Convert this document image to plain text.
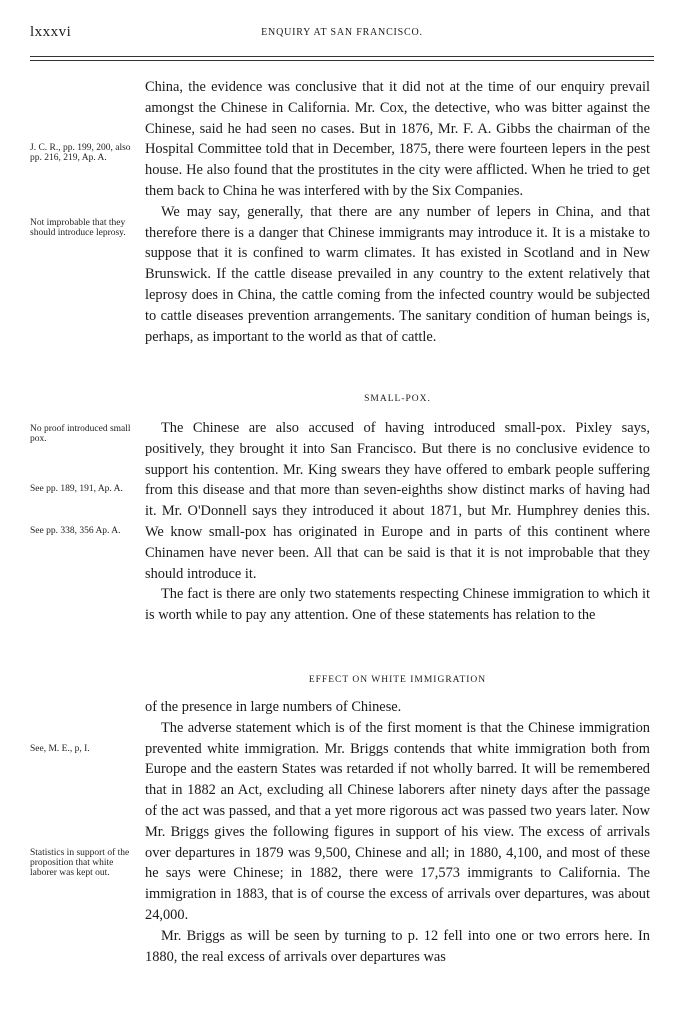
lxxxvi	ENQUIRY AT SAN FRANCISCO.
J. C. R., pp. 199, 200, also pp. 216, 219, Ap. A.
Not improbable that they should introduce leprosy.
No proof introduced small pox.
See pp. 189, 191, Ap. A.
See pp. 338, 356 Ap. A.
See, M. E., p, I.
Statistics in support of the proposition that white laborer was kept out.

China, the evidence was conclusive that it did not at the time of our enquiry prevail amongst the Chinese in California. Mr. Cox, the detective, who was bitter against the Chinese, said he had seen no cases. But in 1876, Mr. F. A. Gibbs the chairman of the Hospital Committee told that in December, 1875, there were fourteen lepers in the pest house. He also found that the prostitutes in the city were afflicted. When he tried to get them back to China he was interfered with by the Six Companies.

We may say, generally, that there are any number of lepers in China, and that therefore there is a danger that Chinese immigrants may introduce it. It is a mistake to suppose that it is confined to warm climates. It has existed in Scotland and in New Brunswick. If the cattle disease prevailed in any country to the extent relatively that leprosy does in China, the cattle coming from the infected country would be subjected to cattle diseases prevention arrangements. The sanitary condition of human beings is, perhaps, as important to the world as that of cattle.

SMALL-POX.

The Chinese are also accused of having introduced small-pox. Pixley says, positively, they brought it into San Francisco. But there is no conclusive evidence to support his contention. Mr. King swears they have offered to embark people suffering from this disease and that more than seven-eighths show distinct marks of having had it. Mr. O'Donnell says they introduced it about 1871, but Mr. Humphrey denies this. We know small-pox has originated in Europe and in parts of this continent where Chinamen have never been. All that can be said is that it is not improbable that they should introduce it.

The fact is there are only two statements respecting Chinese immigration to which it is worth while to pay any attention. One of these statements has relation to the

EFFECT ON WHITE IMMIGRATION

of the presence in large numbers of Chinese.

The adverse statement which is of the first moment is that the Chinese immigration prevented white immigration. Mr. Briggs contends that white immigration both from Europe and the eastern States was retarded if not wholly barred. It will be remembered that in 1882 an Act, excluding all Chinese laborers after ninety days after the passage of the act was passed, and that a yet more rigorous act was passed two years later. Now Mr. Briggs gives the following figures in support of his view. The excess of arrivals over departures in 1879 was 9,500, Chinese and all; in 1880, 4,100, and most of these he says were Chinese; in 1882, there were 17,573 immigrants to California. The immigration in 1883, that is of course the excess of arrivals over departures, was about 24,000.

Mr. Briggs as will be seen by turning to p. 12 fell into one or two errors here. In 1880, the real excess of arrivals over departures was
